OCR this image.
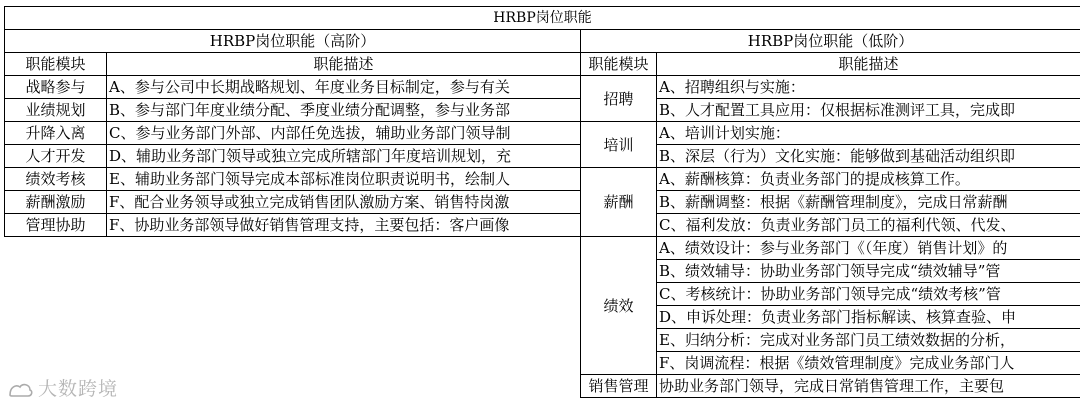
HRBP岗位职能			
HRBP岗位职能（高阶）		HRBP岗位职能（低阶）	
职能模块	职能描述	职能模块	职能描述
战略参与	A、参与公司中长期战略规划、年度业务目标制定，参与有关	招聘	A、招聘组织与实施：
业绩规划	B、参与部门年度业绩分配、季度业绩分配调整，参与业务部		B、人才配置工具应用：仅根据标准测评工具，完成即
升降入离	C、参与业务部门外部、内部任免选拔，辅助业务部门领导制	培训	A、培训计划实施：
人才开发	D、辅助业务部门领导或独立完成所辖部门年度培训规划，充		B、深层（行为）文化实施：能够做到基础活动组织即
绩效考核	E、辅助业务部门领导完成本部标准岗位职责说明书，绘制人	薪酬	A、薪酬核算：负责业务部门的提成核算工作。
薪酬激励	F、配合业务领导或独立完成销售团队激励方案、销售特岗激		B、薪酬调整：根据《薪酬管理制度》，完成日常薪酬
管理协助	F、协助业务部领导做好销售管理支持，主要包括：客户画像		C、福利发放：负责业务部门员工的福利代领、代发、
		绩效	A、绩效设计：参与业务部门《（年度）销售计划》的
			B、绩效辅导：协助业务部门领导完成“绩效辅导”管
			C、考核统计：协助业务部门领导完成“绩效考核”管
			D、申诉处理：负责业务部门指标解读、核算查验、申
			E、归纳分析：完成对业务部门员工绩效数据的分析，
			F、岗调流程：根据《绩效管理制度》完成业务部门人
		销售管理	协助业务部门领导，完成日常销售管理工作，主要包
大数跨境
